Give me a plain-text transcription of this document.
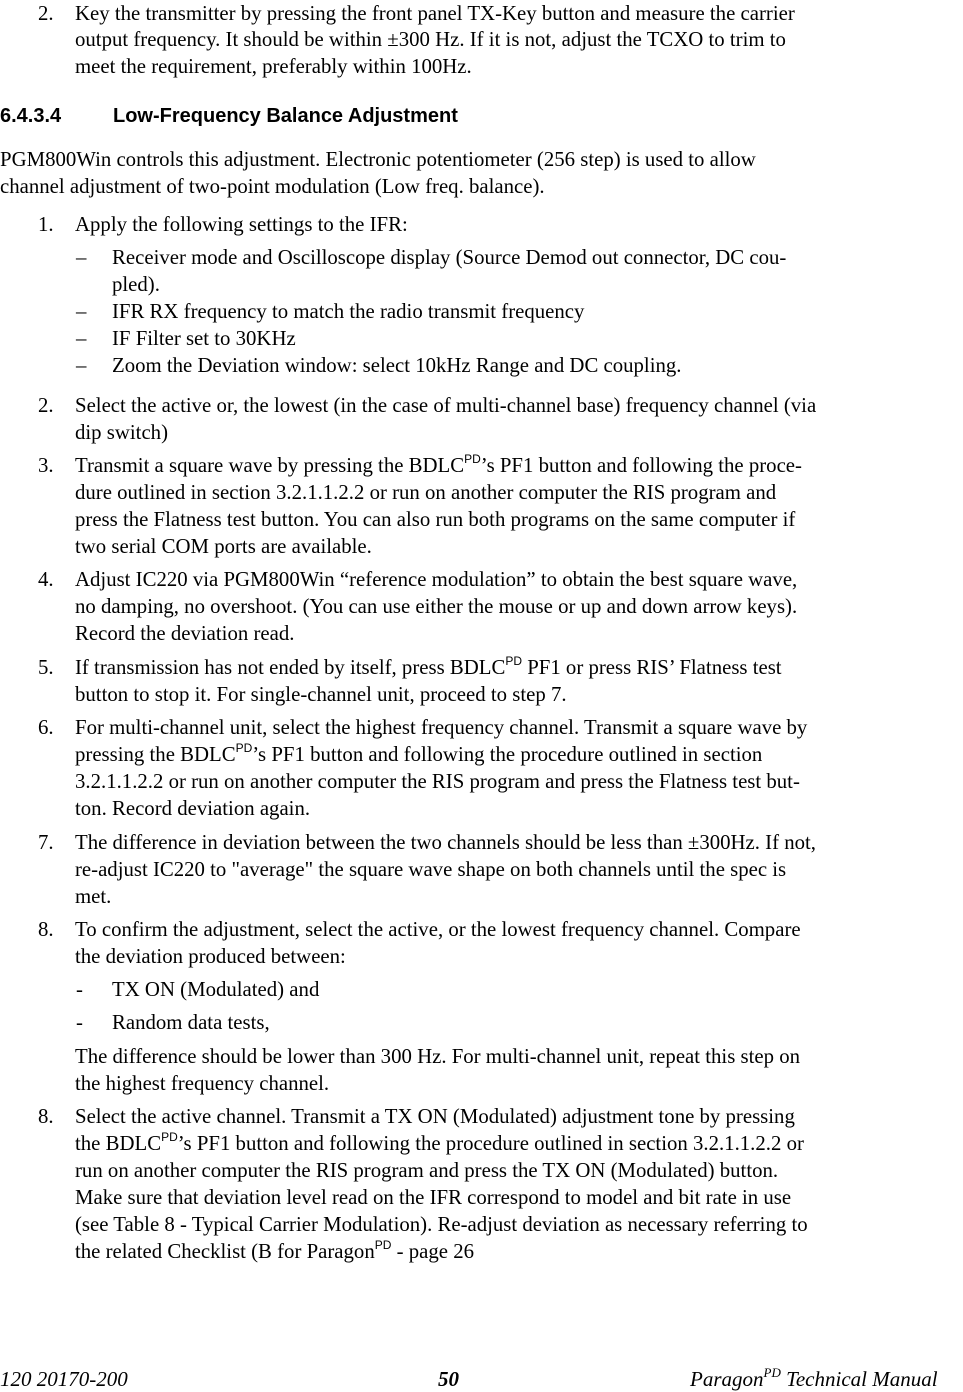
2. Key the transmitter by pressing the front panel TX-Key button and measure the carrier
output frequency. It should be within ±300 Hz. If it is not, adjust the TCXO to trim to
meet the requirement, preferably within 100Hz.
6.4.3.4	Low-Frequency Balance Adjustment
PGM800Win controls this adjustment. Electronic potentiometer (256 step) is used to allow
channel adjustment of two-point modulation (Low freq. balance).
1. Apply the following settings to the IFR:
– Receiver mode and Oscilloscope display (Source Demod out connector, DC cou-
pled).
– IFR RX frequency to match the radio transmit frequency
– IF Filter set to 30KHz
– Zoom the Deviation window: select 10kHz Range and DC coupling.
2. Select the active or, the lowest (in the case of multi-channel base) frequency channel (via
dip switch)
3. Transmit a square wave by pressing the $BDLC^{PD}’s$ PF1 button and following the proce-
dure outlined in section 3.2.1.1.2.2 or run on another computer the RIS program and
press the Flatness test button. You can also run both programs on the same computer if
two serial COM ports are available.
4. Adjust IC220 via PGM800Win “reference modulation” to obtain the best square wave,
no damping, no overshoot. (You can use either the mouse or up and down arrow keys).
Record the deviation read.
5. If transmission has not ended by itself, press $BDLC^{PD}$ PF1 or press RIS’ Flatness test
button to stop it. For single-channel unit, proceed to step 7.
6. For multi-channel unit, select the highest frequency channel. Transmit a square wave by
pressing the $BDLC^{PD}’s$ PF1 button and following the procedure outlined in section
3.2.1.1.2.2 or run on another computer the RIS program and press the Flatness test but-
ton. Record deviation again.
7. The difference in deviation between the two channels should be less than ±300Hz. If not,
re-adjust IC220 to "average" the square wave shape on both channels until the spec is
met.
8. To confirm the adjustment, select the active, or the lowest frequency channel. Compare
the deviation produced between:
- TX ON (Modulated) and
- Random data tests,
The difference should be lower than 300 Hz. For multi-channel unit, repeat this step on
the highest frequency channel.
8. Select the active channel. Transmit a TX ON (Modulated) adjustment tone by pressing
the $BDLC^{PD}’s$ PF1 button and following the procedure outlined in section 3.2.1.1.2.2 or
run on another computer the RIS program and press the TX ON (Modulated) button.
Make sure that deviation level read on the IFR correspond to model and bit rate in use
(see Table 8 - Typical Carrier Modulation). Re-adjust deviation as necessary referring to
the related Checklist (B for Paragon$^{PD}$ - page 26
120 20170-200	50	Paragon$^{PD}$ Technical Manual
